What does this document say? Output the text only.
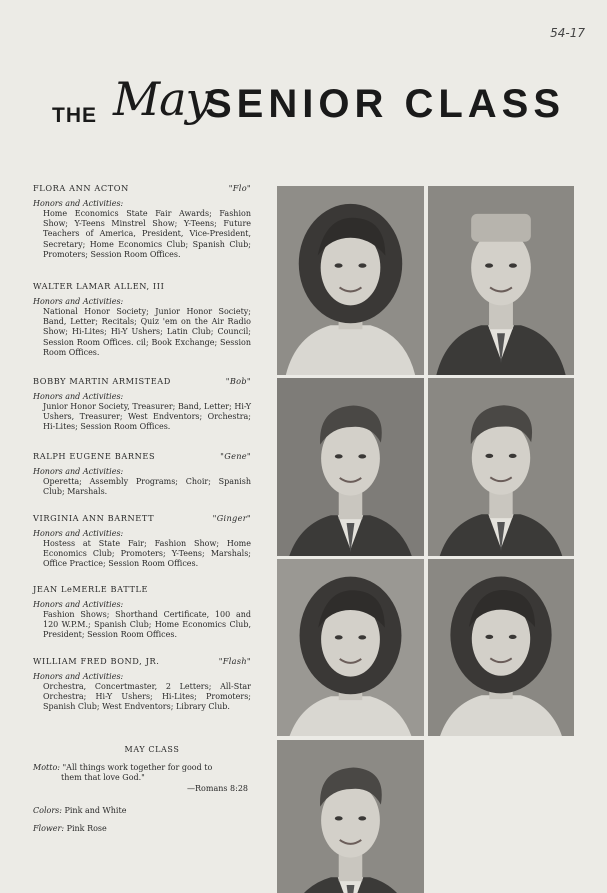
54-17
THE May
SENIOR CLASS
FLORA ANN ACTON	"Flo"
Honors and Activities:
Home Economics State Fair Awards; Fashion Show; Y-Teens Minstrel Show; Y-Teens; Future Teachers of America, President, Vice-President, Secretary; Home Economics Club; Spanish Club; Promoters; Session Room Offices.
WALTER LAMAR ALLEN, III
Honors and Activities:
National Honor Society; Junior Honor Society; Band, Letter; Recitals; Quiz 'em on the Air Radio Show; Hi-Lites; Hi-Y Ushers; Latin Club; Council; Session Room Offices. cil; Book Exchange; Session Room Offices.
BOBBY MARTIN ARMISTEAD	"Bob"
Honors and Activities:
Junior Honor Society, Treasurer; Band, Letter; Hi-Y Ushers, Treasurer; West Endventors; Orchestra; Hi-Lites; Session Room Offices.
RALPH EUGENE BARNES	"Gene"
Honors and Activities:
Operetta; Assembly Programs; Choir; Spanish Club; Marshals.
VIRGINIA ANN BARNETT	"Ginger"
Honors and Activities:
Hostess at State Fair; Fashion Show; Home Economics Club; Promoters; Y-Teens; Marshals; Office Practice; Session Room Offices.
JEAN LeMERLE BATTLE
Honors and Activities:
Fashion Shows; Shorthand Certificate, 100 and 120 W.P.M.; Spanish Club; Home Economics Club, President; Session Room Offices.
WILLIAM FRED BOND, JR.	"Flash"
Honors and Activities:
Orchestra, Concertmaster, 2 Letters; All-Star Orchestra; Hi-Y Ushers; Hi-Lites; Promoters; Spanish Club; West Endventors; Library Club.
MAY CLASS
Motto: "All things work together for good to
them that love God."
—Romans 8:28
Colors: Pink and White
Flower: Pink Rose
